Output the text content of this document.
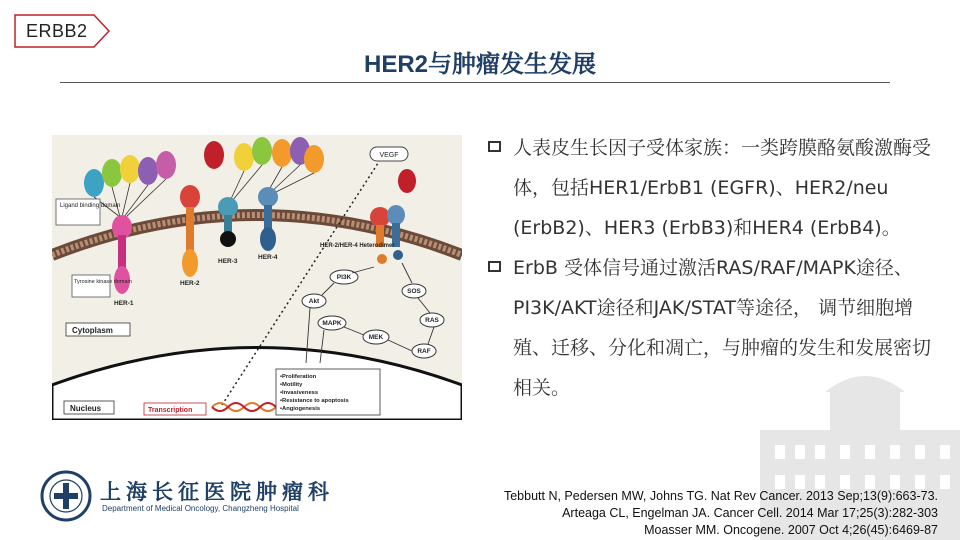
ERBB2
HER2与肿瘤发生发展
VEGF
Ligand binding domain
Tyrosine kinase domain
HER-1
HER-2
HER-3
HER-4
HER-2/HER-4 Heterodimer
PI3K
Akt
MAPK
MEK
SOS
RAS
RAF
Cytoplasm
Nucleus	Transcription
•Proliferation
•Motility
•Invasiveness
•Resistance to apoptosis
•Angiogenesis
人表皮生长因子受体家族：一类跨膜酪氨酸激酶受体，包括HER1/ErbB1 (EGFR)、HER2/neu (ErbB2)、HER3 (ErbB3)和HER4 (ErbB4)。
ErbB 受体信号通过激活RAS/RAF/MAPK途径、PI3K/AKT途径和JAK/STAT等途径， 调节细胞增殖、迁移、分化和凋亡，与肿瘤的发生和发展密切相关。
上海长征医院肿瘤科
Department of Medical Oncology, Changzheng Hospital
Tebbutt N, Pedersen MW, Johns TG. Nat Rev Cancer. 2013 Sep;13(9):663-73.
Arteaga CL, Engelman JA. Cancer Cell. 2014 Mar 17;25(3):282-303
Moasser MM. Oncogene. 2007 Oct 4;26(45):6469-87
